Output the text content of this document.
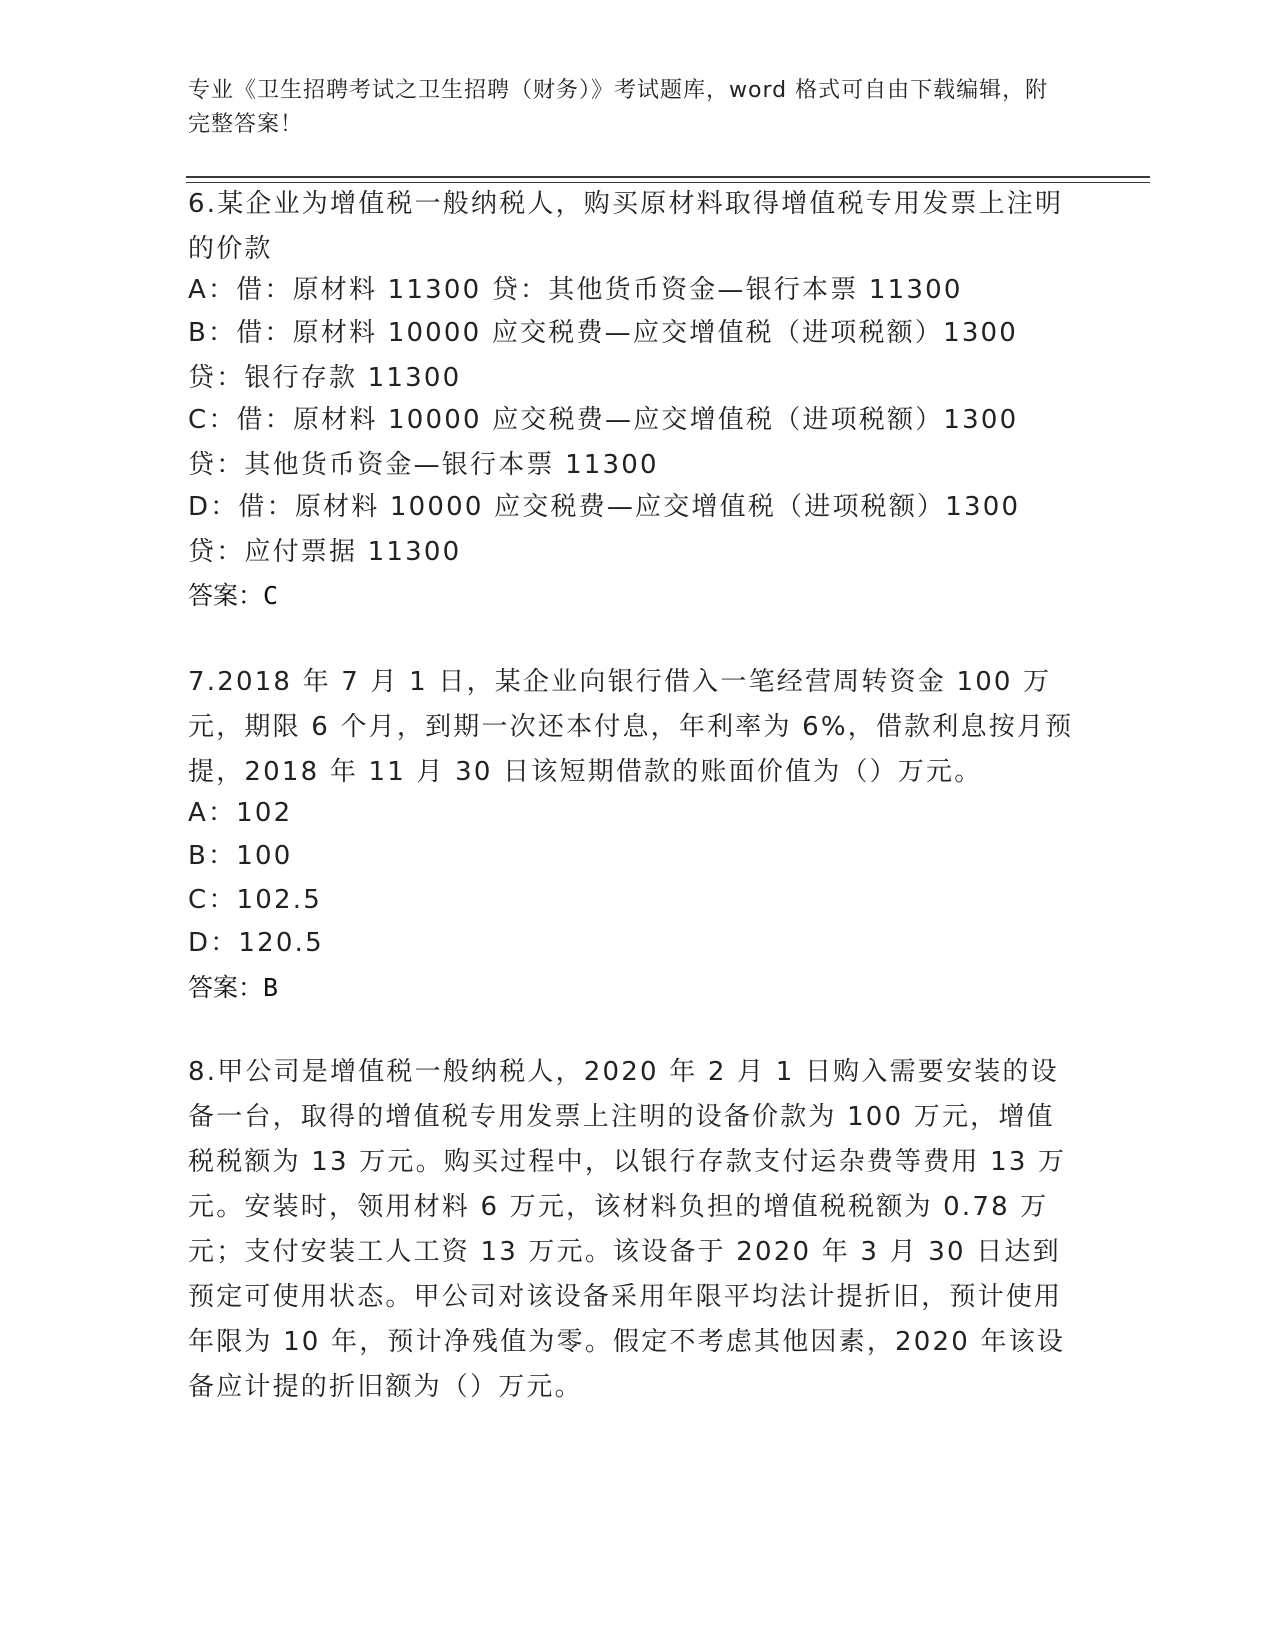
专业《卫生招聘考试之卫生招聘（财务）》考试题库，word 格式可自由下载编辑，附完整答案！
6.某企业为增值税一般纳税人，购买原材料取得增值税专用发票上注明的价款
A：借：原材料 11300 贷：其他货币资金—银行本票 11300
B：借：原材料 10000 应交税费—应交增值税（进项税额）1300 贷：银行存款 11300
C：借：原材料 10000 应交税费—应交增值税（进项税额）1300 贷：其他货币资金—银行本票 11300
D：借：原材料 10000 应交税费—应交增值税（进项税额）1300 贷：应付票据 11300
答案：C
7.2018 年 7 月 1 日，某企业向银行借入一笔经营周转资金 100 万元，期限 6 个月，到期一次还本付息，年利率为 6%，借款利息按月预提，2018 年 11 月 30 日该短期借款的账面价值为（）万元。
A：102
B：100
C：102.5
D：120.5
答案：B
8.甲公司是增值税一般纳税人，2020 年 2 月 1 日购入需要安装的设备一台，取得的增值税专用发票上注明的设备价款为 100 万元，增值税税额为 13 万元。购买过程中，以银行存款支付运杂费等费用 13 万元。安装时，领用材料 6 万元，该材料负担的增值税税额为 0.78 万元；支付安装工人工资 13 万元。该设备于 2020 年 3 月 30 日达到预定可使用状态。甲公司对该设备采用年限平均法计提折旧，预计使用年限为 10 年，预计净残值为零。假定不考虑其他因素，2020 年该设备应计提的折旧额为（）万元。
